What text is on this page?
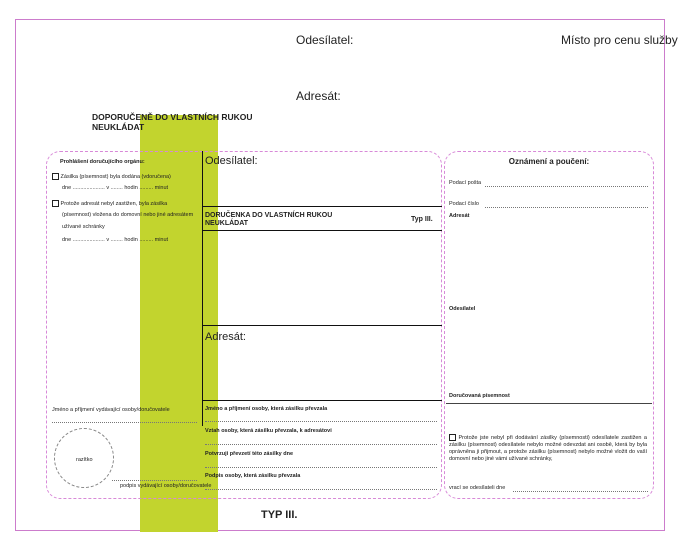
Odesílatel:	Místo pro cenu služby
Adresát:
DOPORUČENĚ DO VLASTNÍCH RUKOU
NEUKLÁDAT
Prohlášení doručujícího orgánu:
Zásilka (písemnost) byla dodána (vdoručena)
dne ..................... v ........ hodin ......... minut
Protože adresát nebyl zastižen, byla zásilka
(písemnost) vložena do domovní nebo jiné adresátem
užívané schránky
dne ..................... v ........ hodin ......... minut
Jméno a příjmení vydávající osoby/doručovatele
razítko
podpis vydávající osoby/doručovatele
Odesílatel:
DORUČENKA DO VLASTNÍCH RUKOU
NEUKLÁDAT
Typ III.
Adresát:
Jméno a příjmení osoby, která zásilku převzala
Vztah osoby, která zásilku převzala, k adresátovi
Potvrzuji převzetí této zásilky dne
Podpis osoby, která zásilku převzala
Oznámení a poučení:
Podací pošta
Podací číslo
Adresát
Odesílatel
Doručovaná písemnost
Protože jste nebyl při dodávání zásilky (písemnosti) odesílatele zastižen a zásilku (písemnost) odesílatele nebylo možné odevzdat ani osobě, která by byla oprávněna ji přijmout, a protože zásilku (písemnost) nebylo možné vložit do vaší domovní nebo jiné vámi užívané schránky,
vrací se odesílateli dne
TYP III.
